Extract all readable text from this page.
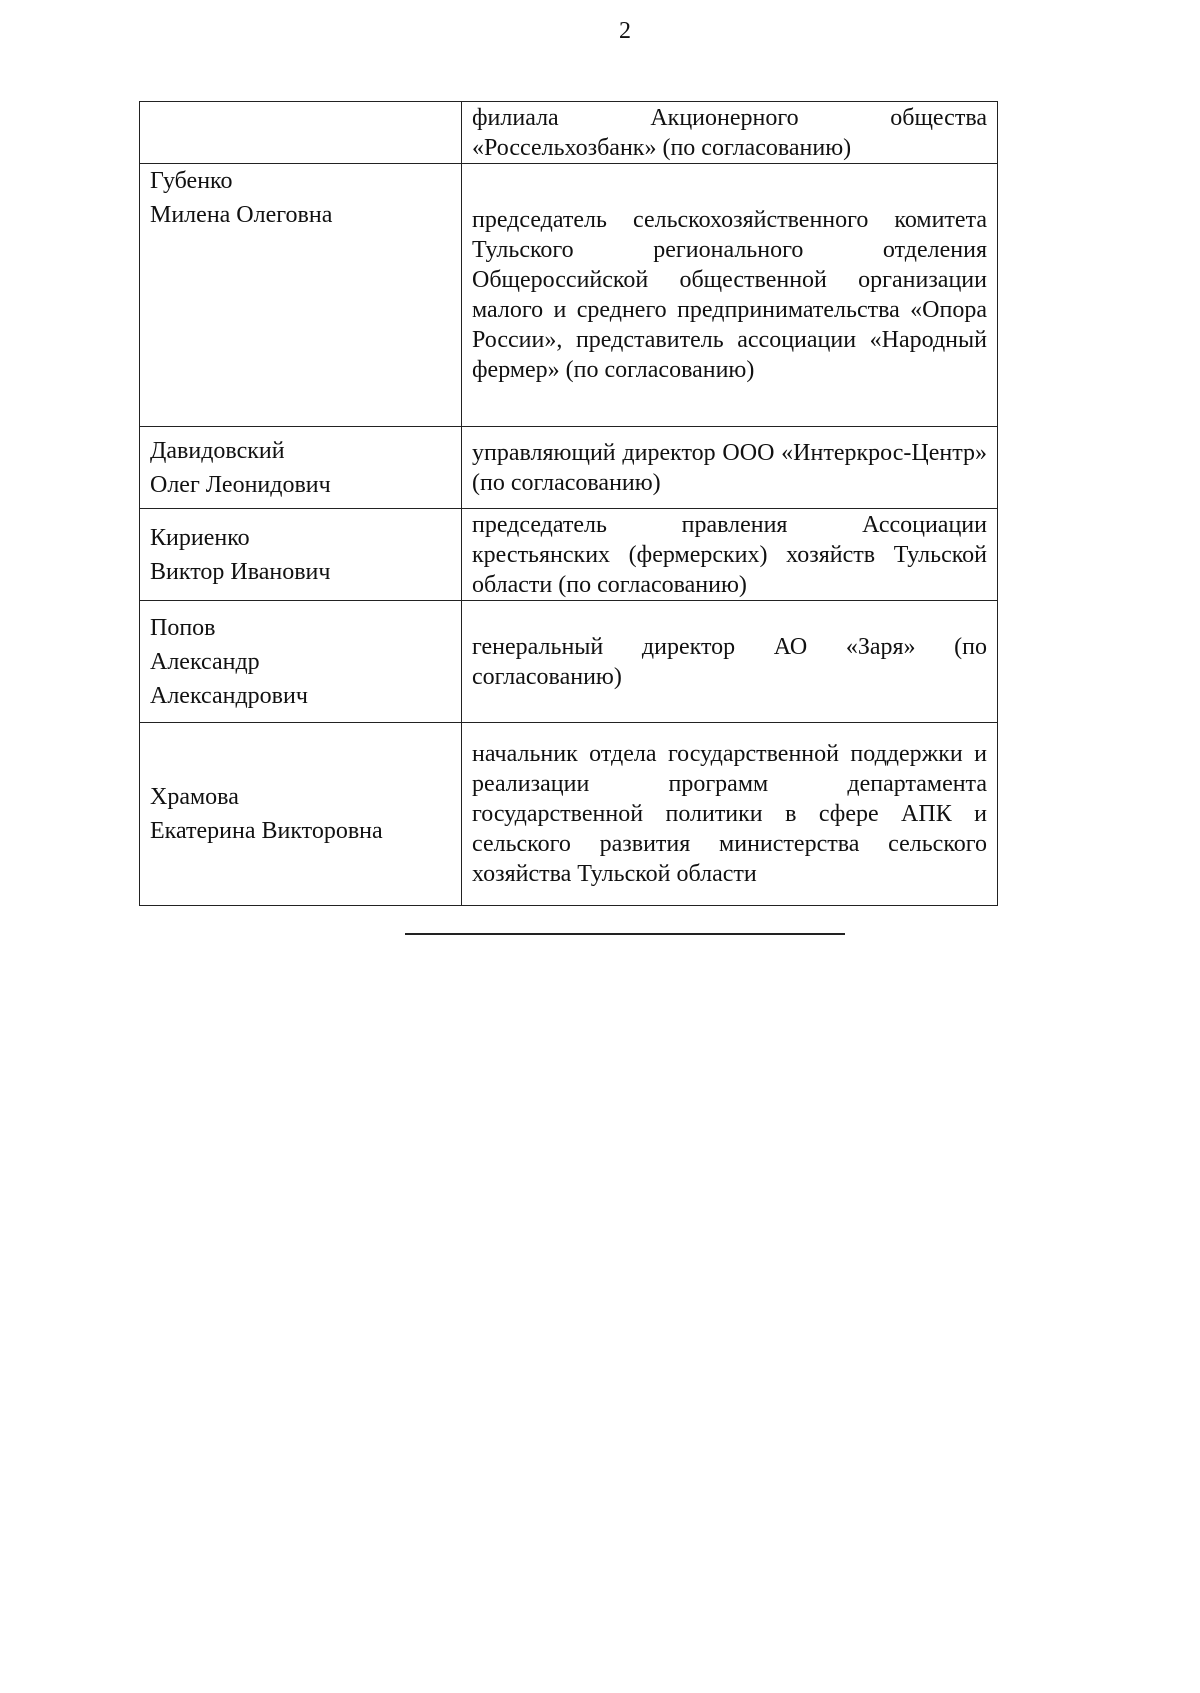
2

	филиала Акционерного общества «Россельхозбанк» (по согласованию)

Губенко
Милена Олеговна	председатель сельскохозяйственного комитета Тульского регионального отделения Общероссийской общественной организации малого и среднего предпринимательства «Опора России», представитель ассоциации «Народный фермер» (по согласованию)

Давидовский
Олег Леонидович	управляющий директор ООО «Интеркрос-Центр» (по согласованию)

Кириенко
Виктор Иванович	председатель правления Ассоциации крестьянских (фермерских) хозяйств Тульской области (по согласованию)

Попов
Александр
Александрович	генеральный директор АО «Заря» (по согласованию)

Храмова
Екатерина Викторовна	начальник отдела государственной поддержки и реализации программ департамента государственной политики в сфере АПК и сельского развития министерства сельского хозяйства Тульской области
